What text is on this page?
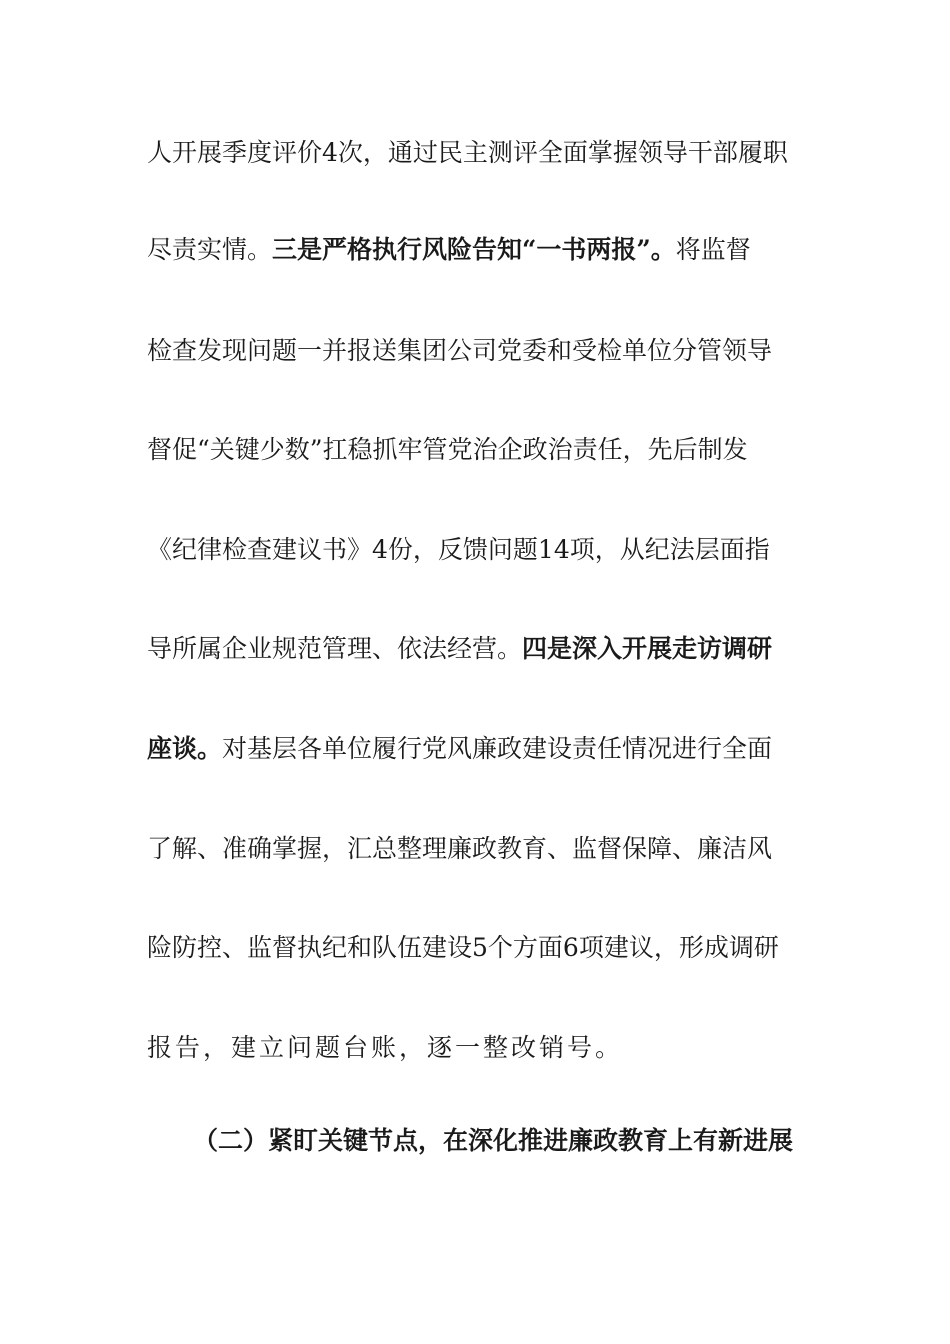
人开展季度评价4次，通过民主测评全面掌握领导干部履职
尽责实情。三是严格执行风险告知“一书两报”。将监督
检查发现问题一并报送集团公司党委和受检单位分管领导
督促“关键少数”扛稳抓牢管党治企政治责任，先后制发
《纪律检查建议书》4份，反馈问题14项，从纪法层面指
导所属企业规范管理、依法经营。四是深入开展走访调研
座谈。对基层各单位履行党风廉政建设责任情况进行全面
了解、准确掌握，汇总整理廉政教育、监督保障、廉洁风
险防控、监督执纪和队伍建设5个方面6项建议，形成调研
报告，建立问题台账，逐一整改销号。
（二）紧盯关键节点，在深化推进廉政教育上有新进展
